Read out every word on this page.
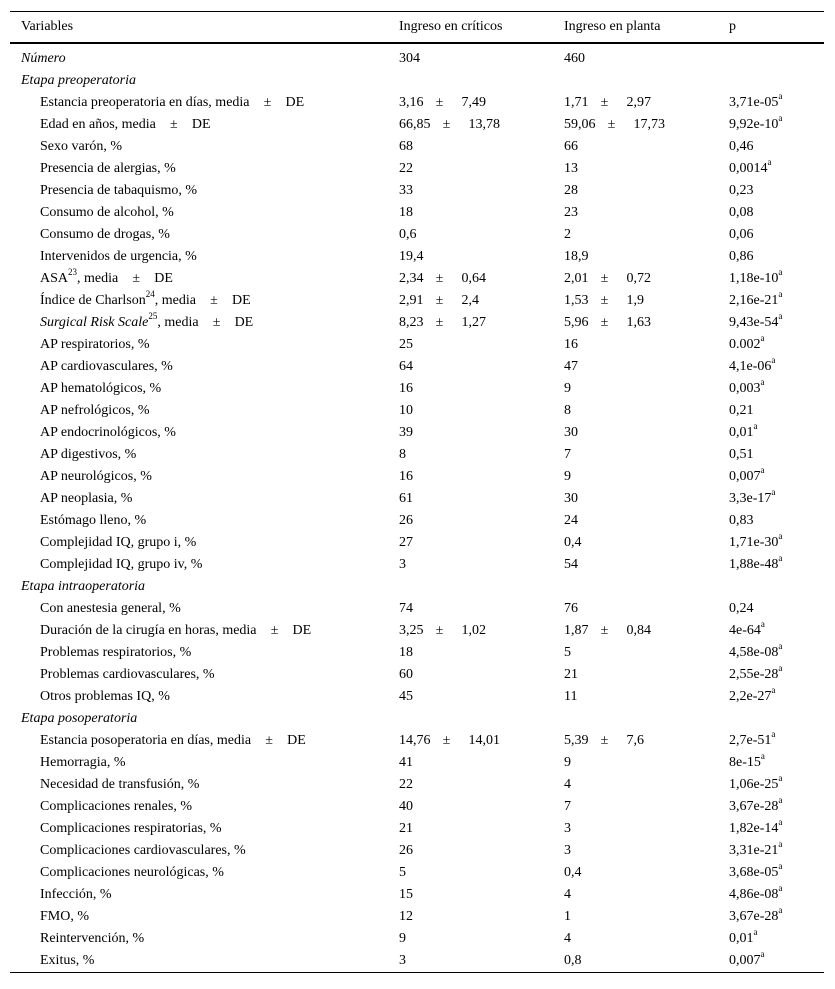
Variables	Ingreso en críticos	Ingreso en planta	p
Número	304	460	
Etapa preoperatoria			
Estancia preoperatoria en días, media ± DE	3,16 ± 7,49	1,71 ± 2,97	3,71e-05$^a$
Edad en años, media ± DE	66,85 ± 13,78	59,06 ± 17,73	9,92e-10$^a$
Sexo varón, %	68	66	0,46
Presencia de alergias, %	22	13	0,0014$^a$
Presencia de tabaquismo, %	33	28	0,23
Consumo de alcohol, %	18	23	0,08
Consumo de drogas, %	0,6	2	0,06
Intervenidos de urgencia, %	19,4	18,9	0,86
ASA$^{23}$, media ± DE	2,34 ± 0,64	2,01 ± 0,72	1,18e-10$^a$
Índice de Charlson$^{24}$, media ± DE	2,91 ± 2,4	1,53 ± 1,9	2,16e-21$^a$
Surgical Risk Scale$^{25}$, media ± DE	8,23 ± 1,27	5,96 ± 1,63	9,43e-54$^a$
AP respiratorios, %	25	16	0.002$^a$
AP cardiovasculares, %	64	47	4,1e-06$^a$
AP hematológicos, %	16	9	0,003$^a$
AP nefrológicos, %	10	8	0,21
AP endocrinológicos, %	39	30	0,01$^a$
AP digestivos, %	8	7	0,51
AP neurológicos, %	16	9	0,007$^a$
AP neoplasia, %	61	30	3,3e-17$^a$
Estómago lleno, %	26	24	0,83
Complejidad IQ, grupo i, %	27	0,4	1,71e-30$^a$
Complejidad IQ, grupo iv, %	3	54	1,88e-48$^a$
Etapa intraoperatoria			
Con anestesia general, %	74	76	0,24
Duración de la cirugía en horas, media ± DE	3,25 ± 1,02	1,87 ± 0,84	4e-64$^a$
Problemas respiratorios, %	18	5	4,58e-08$^a$
Problemas cardiovasculares, %	60	21	2,55e-28$^a$
Otros problemas IQ, %	45	11	2,2e-27$^a$
Etapa posoperatoria			
Estancia posoperatoria en días, media ± DE	14,76 ± 14,01	5,39 ± 7,6	2,7e-51$^a$
Hemorragia, %	41	9	8e-15$^a$
Necesidad de transfusión, %	22	4	1,06e-25$^a$
Complicaciones renales, %	40	7	3,67e-28$^a$
Complicaciones respiratorias, %	21	3	1,82e-14$^a$
Complicaciones cardiovasculares, %	26	3	3,31e-21$^a$
Complicaciones neurológicas, %	5	0,4	3,68e-05$^a$
Infección, %	15	4	4,86e-08$^a$
FMO, %	12	1	3,67e-28$^a$
Reintervención, %	9	4	0,01$^a$
Exitus, %	3	0,8	0,007$^a$
